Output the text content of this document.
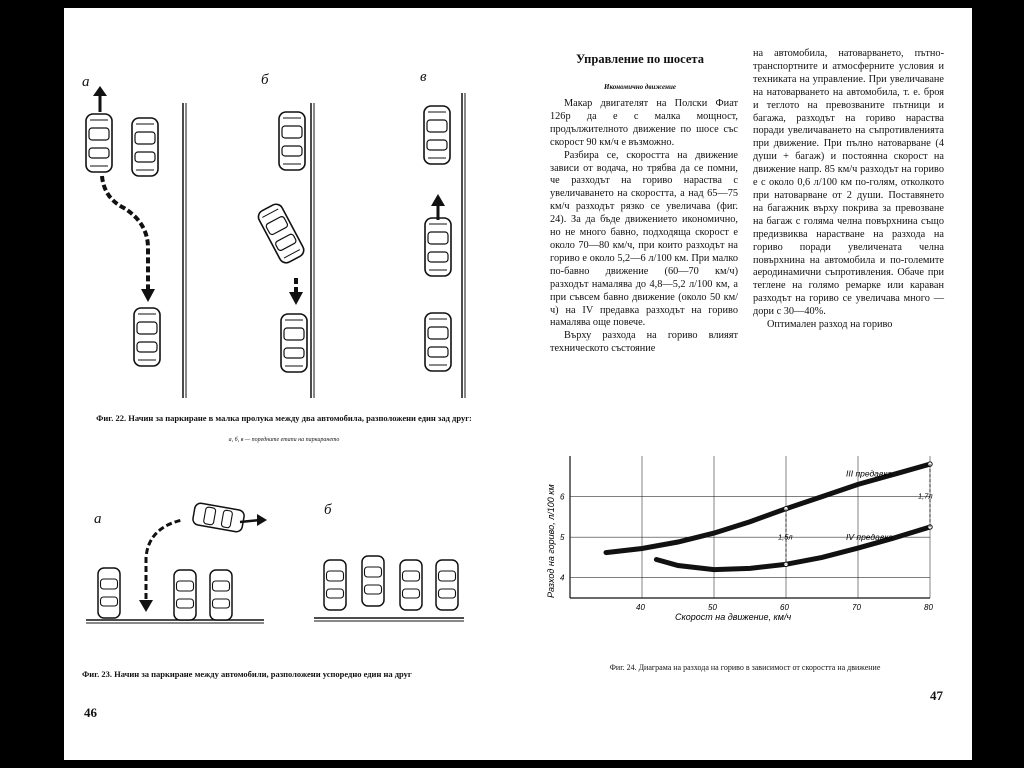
а	б	в
Фиг. 22. Начин за паркиране в малка пролука между два автомобила, разположени един зад друг:
а, б, в — поредните етапи на паркирането
а
б
Фиг. 23. Начин за паркиране между автомобили, разположени успоредно един на друг
46
Управление по шосета
Икономично движение

Макар двигателят на Полски Фиат 126р да е с малка мощност, продължителното движение по шосе със скорост 90 км/ч е възможно.

Разбира се, скоростта на движение зависи от водача, но трябва да се помни, че разходът на гориво нараства с увеличаването на скоростта, а над 65—75 км/ч разходът рязко се увеличава (фиг. 24). За да бъде движението икономично, но не много бавно, подходяща скорост е около 70—80 км/ч, при които разходът на гориво е около 5,2—6 л/100 км. При малко по-бавно движение (60—70 км/ч) разходът намалява до 4,8—5,2 л/100 км, а при съвсем бавно движение (около 50 км/ч) на IV предавка разходът на гориво намалява още повече.

Върху разхода на гориво влияят техническото състояние

на автомобила, натоварването, пътно-транспортните и атмосферните условия и техниката на управление. При увеличаване на натоварването на автомобила, т. е. броя и теглото на превозваните пътници и багажа, разходът на гориво нараства поради увеличаването на съпротивленията при движение. При пълно натоварване (4 души + багаж) и постоянна скорост на движение напр. 85 км/ч разходът на гориво е с около 0,6 л/100 км по-голям, отколкото при натоварване от 2 души. Поставянето на багажник върху покрива за превозване на багаж с голяма челна повърхнина също предизвиква нарастване на разхода на гориво поради увеличената челна повърхнина на автомобила и по-големите аеродинамични съпротивления. Обаче при теглене на голямо ремарке или караван разходът на гориво се увеличава много — дори с 30—40%.

Оптимален разход на гориво

III предавка
IV предавка
1,5л
1,7л
40	50	60	70	80
4
5
6
Разход на гориво, л/100 км
Скорост на движение, км/ч
Фиг. 24. Диаграма на разхода на гориво в зависимост от скоростта на движение
47
